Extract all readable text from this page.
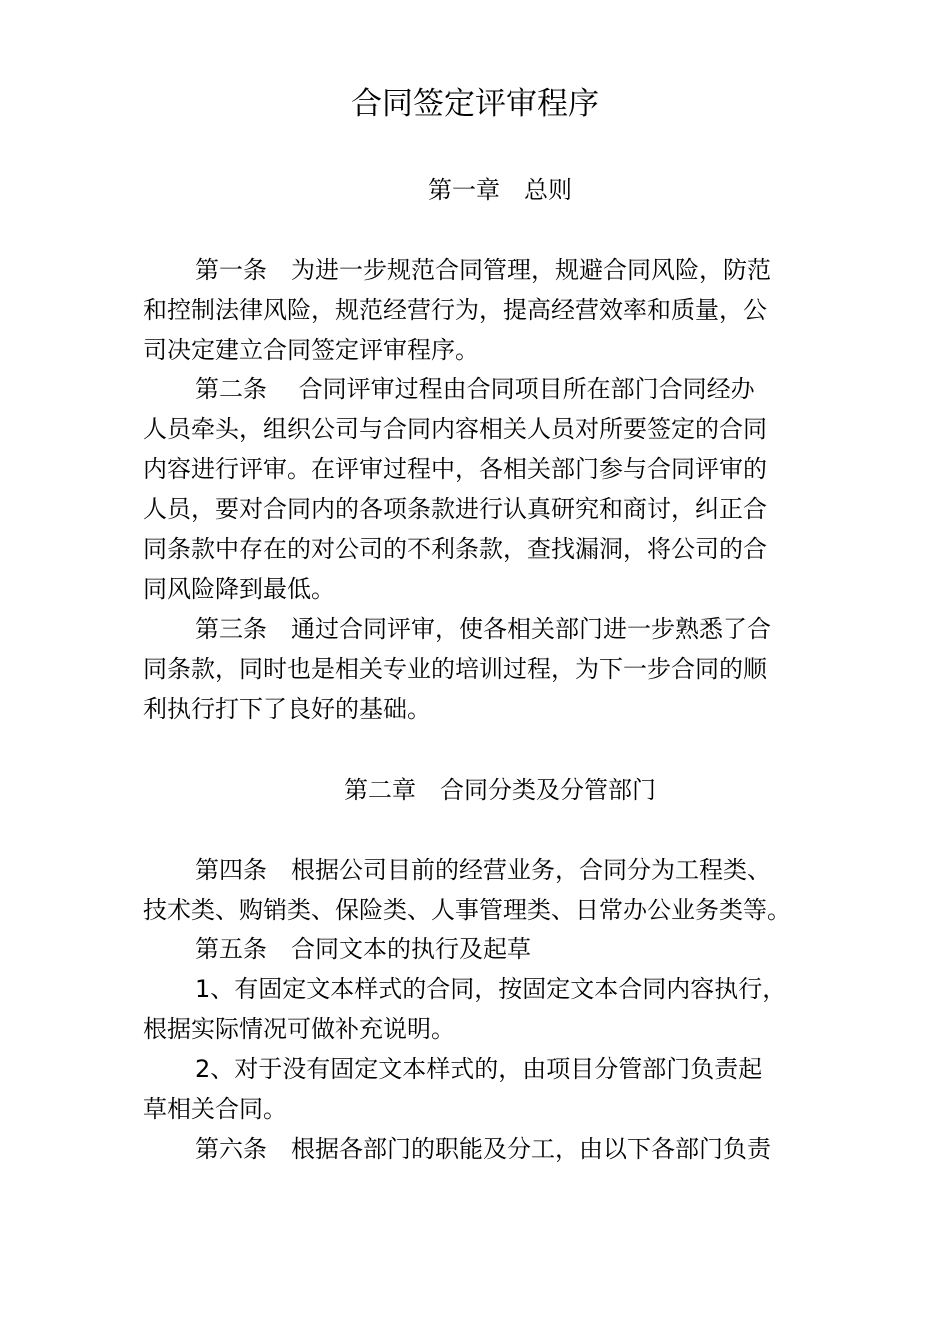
合同签定评审程序
第一章　总则
第一条　为进一步规范合同管理，规避合同风险，防范
和控制法律风险，规范经营行为，提高经营效率和质量，公
司决定建立合同签定评审程序。
第二条　 合同评审过程由合同项目所在部门合同经办
人员牵头，组织公司与合同内容相关人员对所要签定的合同
内容进行评审。在评审过程中，各相关部门参与合同评审的
人员，要对合同内的各项条款进行认真研究和商讨，纠正合
同条款中存在的对公司的不利条款，查找漏洞，将公司的合
同风险降到最低。
第三条　通过合同评审，使各相关部门进一步熟悉了合
同条款，同时也是相关专业的培训过程，为下一步合同的顺
利执行打下了良好的基础。
第二章　合同分类及分管部门
第四条　根据公司目前的经营业务，合同分为工程类、
技术类、购销类、保险类、人事管理类、日常办公业务类等。
第五条　合同文本的执行及起草
1、有固定文本样式的合同，按固定文本合同内容执行，
根据实际情况可做补充说明。
2、对于没有固定文本样式的，由项目分管部门负责起
草相关合同。
第六条　根据各部门的职能及分工，由以下各部门负责
